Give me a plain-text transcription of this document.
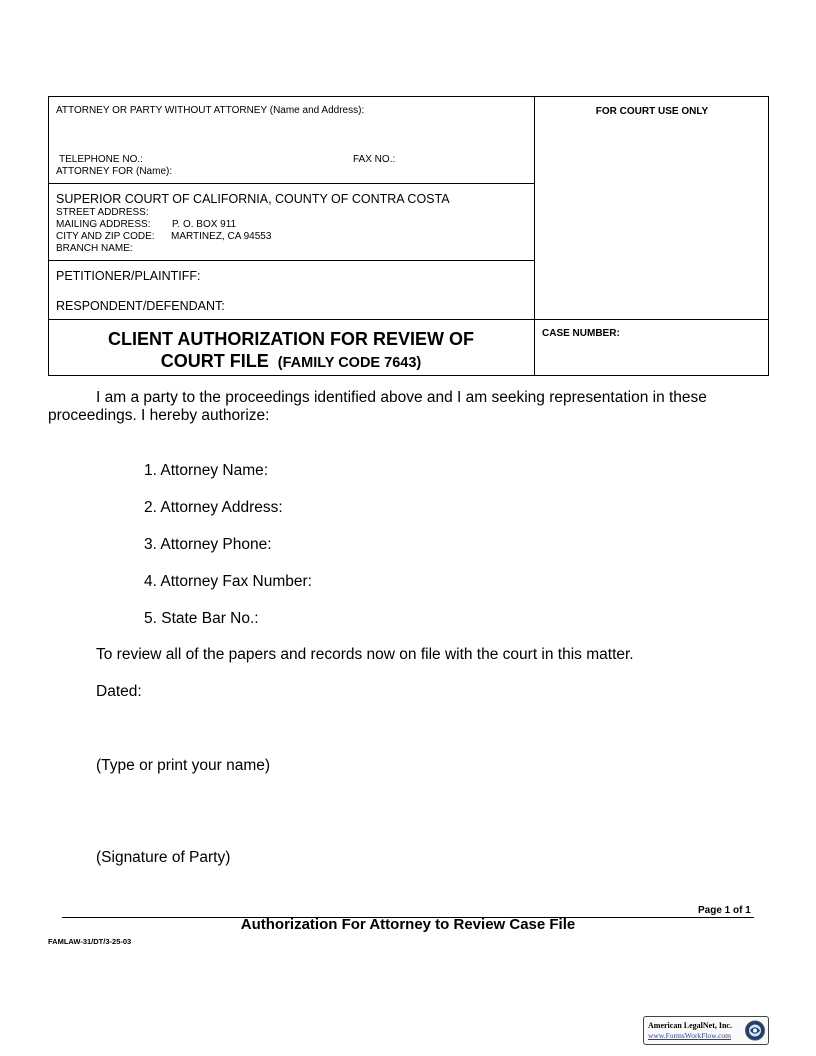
ATTORNEY OR PARTY WITHOUT ATTORNEY (Name and Address):
TELEPHONE NO.:	FAX NO.:
ATTORNEY FOR (Name):
FOR COURT USE ONLY
SUPERIOR COURT OF CALIFORNIA, COUNTY OF CONTRA COSTA
STREET ADDRESS:
MAILING ADDRESS: P. O. BOX 911
CITY AND ZIP CODE: MARTINEZ, CA 94553
BRANCH NAME:
PETITIONER/PLAINTIFF:
RESPONDENT/DEFENDANT:
CLIENT AUTHORIZATION FOR REVIEW OF
COURT FILE (FAMILY CODE 7643)
CASE NUMBER:
I am a party to the proceedings identified above and I am seeking representation in these
proceedings. I hereby authorize:
1. Attorney Name:
2. Attorney Address:
3. Attorney Phone:
4. Attorney Fax Number:
5. State Bar No.:
To review all of the papers and records now on file with the court in this matter.
Dated:
(Type or print your name)
(Signature of Party)
Page 1 of 1
Authorization For Attorney to Review Case File
FAMLAW-31/DT/3-25-03
American LegalNet, Inc.
www.FormsWorkFlow.com
